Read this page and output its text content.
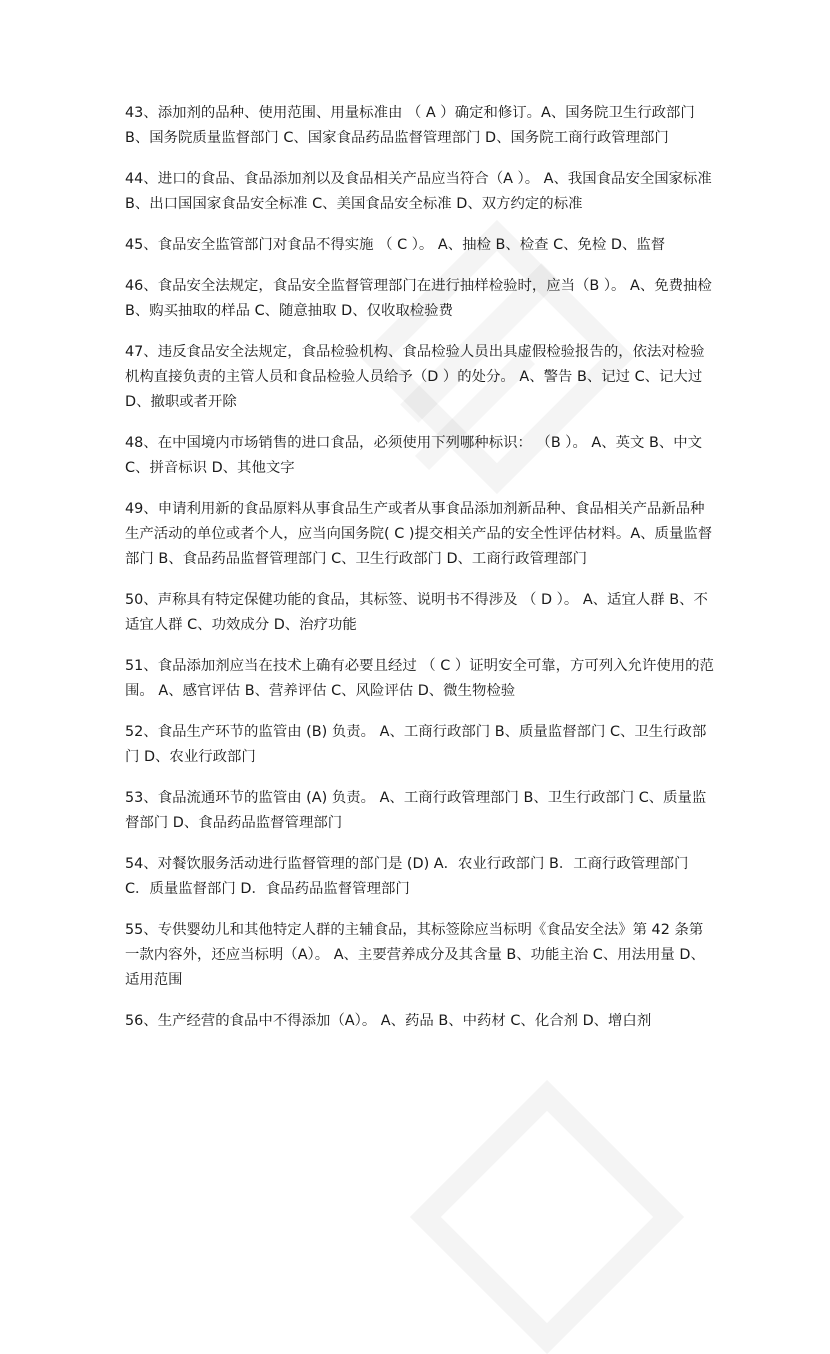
43、添加剂的品种、使用范围、用量标准由 （ A ）确定和修订。A、国务院卫生行政部门 B、国务院质量监督部门 C、国家食品药品监督管理部门 D、国务院工商行政管理部门

44、进口的食品、食品添加剂以及食品相关产品应当符合（A ）。 A、我国食品安全国家标准 B、出口国国家食品安全标准 C、美国食品安全标准 D、双方约定的标准

45、食品安全监管部门对食品不得实施 （ C ）。 A、抽检 B、检查 C、免检 D、监督

46、食品安全法规定，食品安全监督管理部门在进行抽样检验时，应当（B ）。 A、免费抽检 B、购买抽取的样品 C、随意抽取 D、仅收取检验费

47、违反食品安全法规定，食品检验机构、食品检验人员出具虚假检验报告的，依法对检验机构直接负责的主管人员和食品检验人员给予（D ）的处分。 A、警告 B、记过 C、记大过 D、撤职或者开除

48、在中国境内市场销售的进口食品，必须使用下列哪种标识： （B ）。 A、英文 B、中文 C、拼音标识 D、其他文字

49、申请利用新的食品原料从事食品生产或者从事食品添加剂新品种、食品相关产品新品种生产活动的单位或者个人，应当向国务院( C )提交相关产品的安全性评估材料。A、质量监督部门 B、食品药品监督管理部门 C、卫生行政部门 D、工商行政管理部门

50、声称具有特定保健功能的食品，其标签、说明书不得涉及 （ D ）。 A、适宜人群 B、不适宜人群 C、功效成分 D、治疗功能

51、食品添加剂应当在技术上确有必要且经过 （ C ）证明安全可靠，方可列入允许使用的范围。 A、感官评估 B、营养评估 C、风险评估 D、微生物检验

52、食品生产环节的监管由 (B) 负责。 A、工商行政部门 B、质量监督部门 C、卫生行政部门 D、农业行政部门

53、食品流通环节的监管由 (A) 负责。 A、工商行政管理部门 B、卫生行政部门 C、质量监督部门 D、食品药品监督管理部门

54、对餐饮服务活动进行监督管理的部门是 (D) A．农业行政部门 B．工商行政管理部门 C．质量监督部门 D．食品药品监督管理部门

55、专供婴幼儿和其他特定人群的主辅食品，其标签除应当标明《食品安全法》第 42 条第一款内容外，还应当标明（A）。 A、主要营养成分及其含量 B、功能主治 C、用法用量 D、适用范围

56、生产经营的食品中不得添加（A）。 A、药品 B、中药材 C、化合剂 D、增白剂
